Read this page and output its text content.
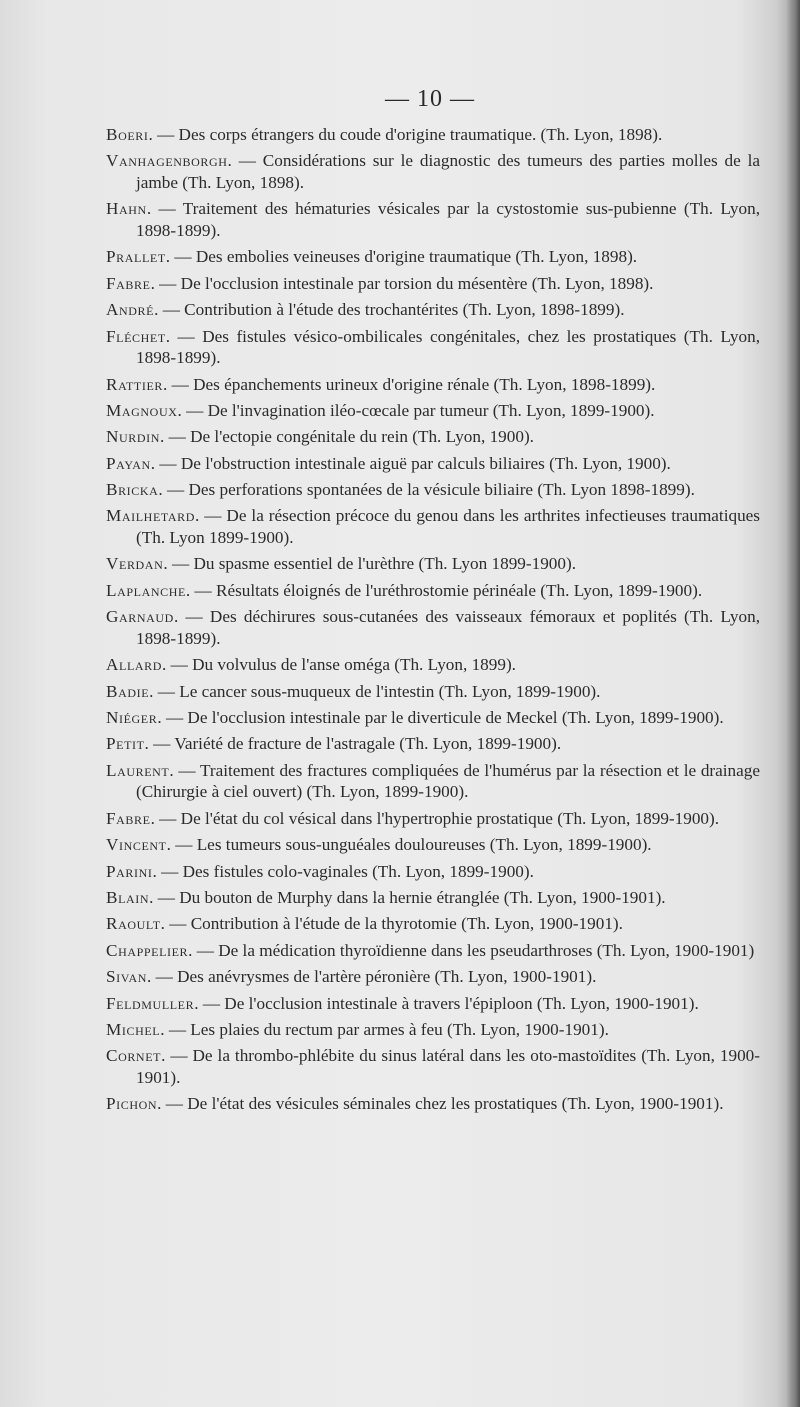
— 10 —

Boeri. — Des corps étrangers du coude d'origine traumatique. (Th. Lyon, 1898).

Vanhagenborgh. — Considérations sur le diagnostic des tumeurs des parties molles de la jambe (Th. Lyon, 1898).

Hahn. — Traitement des hématuries vésicales par la cystostomie sus-pubienne (Th. Lyon, 1898-1899).

Prallet. — Des embolies veineuses d'origine traumatique (Th. Lyon, 1898).

Fabre. — De l'occlusion intestinale par torsion du mésentère (Th. Lyon, 1898).

André. — Contribution à l'étude des trochantérites (Th. Lyon, 1898-1899).

Fléchet. — Des fistules vésico-ombilicales congénitales, chez les prostatiques (Th. Lyon, 1898-1899).

Rattier. — Des épanchements urineux d'origine rénale (Th. Lyon, 1898-1899).

Magnoux. — De l'invagination iléo-cœcale par tumeur (Th. Lyon, 1899-1900).

Nurdin. — De l'ectopie congénitale du rein (Th. Lyon, 1900).

Payan. — De l'obstruction intestinale aiguë par calculs biliaires (Th. Lyon, 1900).

Bricka. — Des perforations spontanées de la vésicule biliaire (Th. Lyon 1898-1899).

Mailhetard. — De la résection précoce du genou dans les arthrites infectieuses traumatiques (Th. Lyon 1899-1900).

Verdan. — Du spasme essentiel de l'urèthre (Th. Lyon 1899-1900).

Laplanche. — Résultats éloignés de l'uréthrostomie périnéale (Th. Lyon, 1899-1900).

Garnaud. — Des déchirures sous-cutanées des vaisseaux fémoraux et poplités (Th. Lyon, 1898-1899).

Allard. — Du volvulus de l'anse oméga (Th. Lyon, 1899).

Badie. — Le cancer sous-muqueux de l'intestin (Th. Lyon, 1899-1900).

Niéger. — De l'occlusion intestinale par le diverticule de Meckel (Th. Lyon, 1899-1900).

Petit. — Variété de fracture de l'astragale (Th. Lyon, 1899-1900).

Laurent. — Traitement des fractures compliquées de l'humérus par la résection et le drainage (Chirurgie à ciel ouvert) (Th. Lyon, 1899-1900).

Fabre. — De l'état du col vésical dans l'hypertrophie prostatique (Th. Lyon, 1899-1900).

Vincent. — Les tumeurs sous-unguéales douloureuses (Th. Lyon, 1899-1900).

Parini. — Des fistules colo-vaginales (Th. Lyon, 1899-1900).

Blain. — Du bouton de Murphy dans la hernie étranglée (Th. Lyon, 1900-1901).

Raoult. — Contribution à l'étude de la thyrotomie (Th. Lyon, 1900-1901).

Chappelier. — De la médication thyroïdienne dans les pseudarthroses (Th. Lyon, 1900-1901)

Sivan. — Des anévrysmes de l'artère péronière (Th. Lyon, 1900-1901).

Feldmuller. — De l'occlusion intestinale à travers l'épiploon (Th. Lyon, 1900-1901).

Michel. — Les plaies du rectum par armes à feu (Th. Lyon, 1900-1901).

Cornet. — De la thrombo-phlébite du sinus latéral dans les oto-mastoïdites (Th. Lyon, 1900-1901).

Pichon. — De l'état des vésicules séminales chez les prostatiques (Th. Lyon, 1900-1901).
